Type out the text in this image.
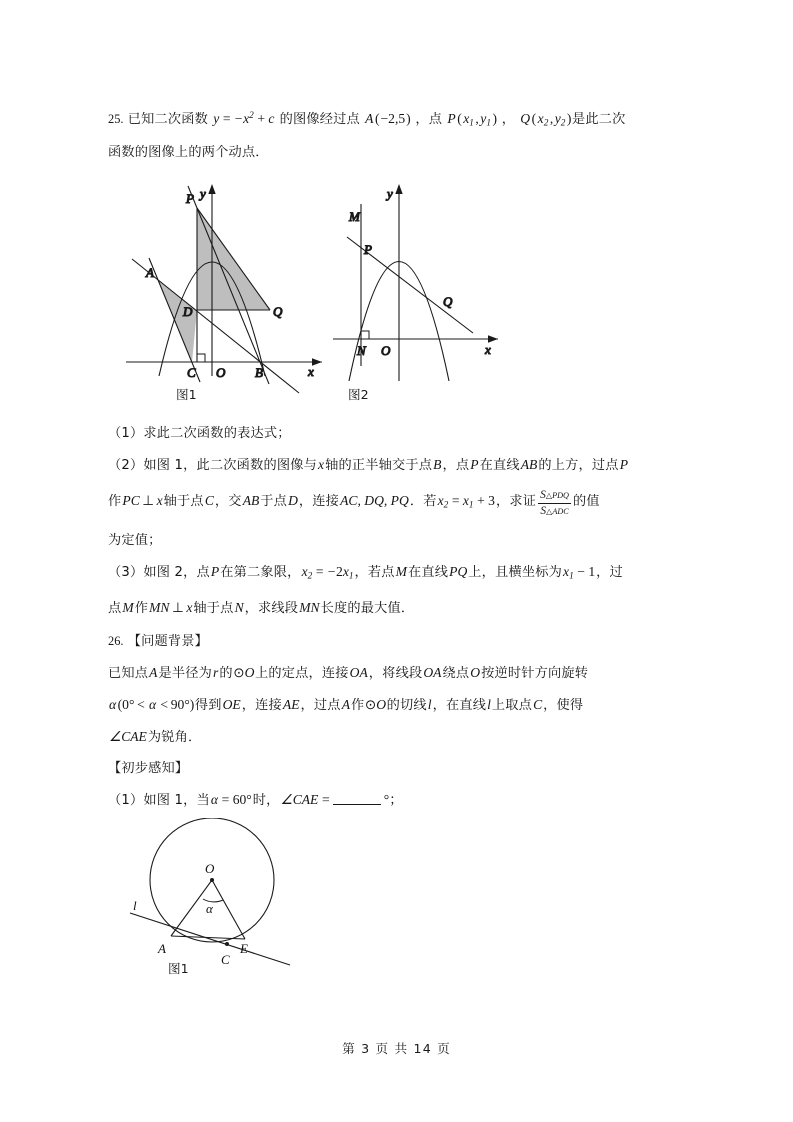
25. 已知二次函数 $y = -x^2 + c$ 的图像经过点 A (−2,5) ，点 P ( $x_1$ , $y_1$ ) ， Q ( $x_2$ , $y_2$ )是此二次
函数的图像上的两个动点．
P
A
D	Q
C O B	x
y
M
P
Q
N O	x
y
图1	图2
（1）求此二次函数的表达式；
（2）如图 1，此二次函数的图像与x轴的正半轴交于点B，点P在直线AB的上方，过点P
作PC ⊥ x轴于点C，交AB于点D，连接AC, DQ, PQ．若$x_2 = x_1 + 3$，求证 $\frac{\text{S△PDQ}}{\text{S△ADC}}$ 的值
为定值；
（3）如图 2，点P在第二象限，$x_2 = -2x_1$，若点M在直线PQ上，且横坐标为$x_1 - 1$，过
点M作MN ⊥ x轴于点N，求线段MN长度的最大值．
26. 【问题背景】
已知点A是半径为r的⊙O上的定点，连接OA，将线段OA绕点O按逆时针方向旋转
α (0° < α < 90°)得到OE，连接AE，过点A作⊙O的切线l，在直线l上取点C，使得
∠CAE为锐角．
【初步感知】
（1）如图 1，当α = 60°时，∠CAE =	°；
O
α
l
A	E
C
图1
第 3 页 共 14 页
